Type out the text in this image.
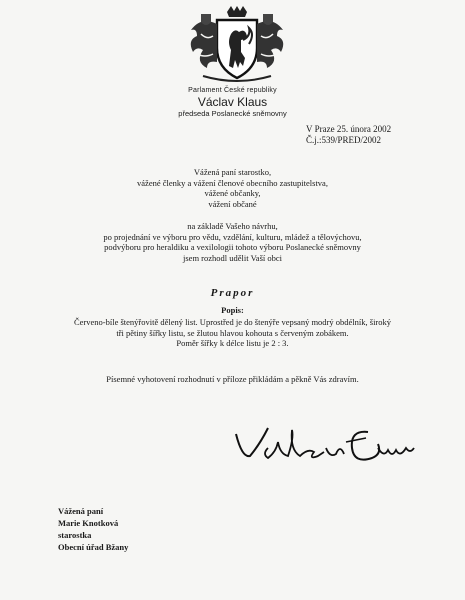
Parlament České republiky
Václav Klaus
předseda Poslanecké sněmovny
V Praze 25. února 2002
Č.j.:539/PRED/2002
Vážená paní starostko,
vážené členky a vážení členové obecního zastupitelstva,
vážené občanky,
vážení občané
na základě Vašeho návrhu,
po projednání ve výboru pro vědu, vzdělání, kulturu, mládež a tělovýchovu,
podvýboru pro heraldiku a vexilologii tohoto výboru Poslanecké sněmovny
jsem rozhodl udělit Vaší obci
Prapor
Popis:
Červeno-bíle štenýřovitě dělený list. Uprostřed je do štenýře vepsaný modrý obdélník, široký
tři pětiny šířky listu, se žlutou hlavou kohouta s červeným zobákem.
Poměr šířky k délce listu je 2 : 3.
Písemné vyhotovení rozhodnutí v příloze přikládám a pěkně Vás zdravím.
Vážená paní
Marie Knotková
starostka
Obecní úřad Bžany
